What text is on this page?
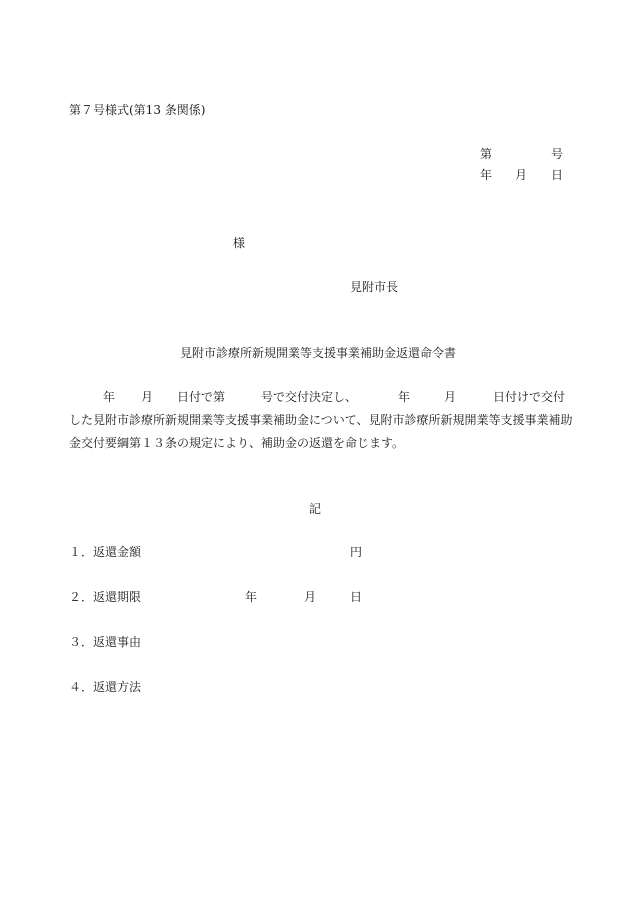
第７号様式(第13 条関係)
第	号
年 月 日
様
見附市長
見附市診療所新規開業等支援事業補助金返還命令書
年 月 日付で第	号で交付決定し、	年	月	日付けで交付
した見附市診療所新規開業等支援事業補助金について、見附市診療所新規開業等支援事業補助
金交付要綱第１３条の規定により、補助金の返還を命じます。
記
１．返還金額	円
２．返還期限	年	月	日
３．返還事由
４．返還方法
